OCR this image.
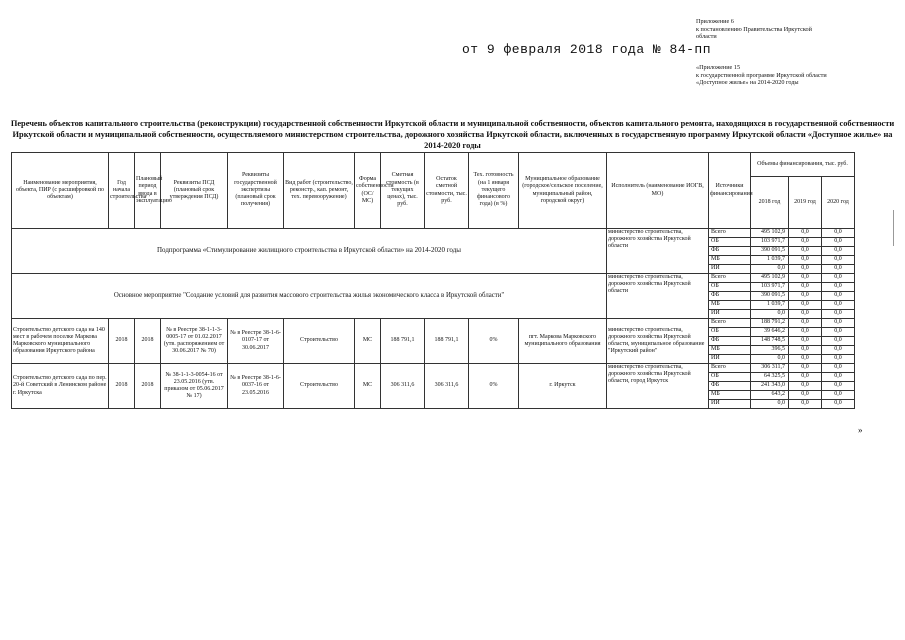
Приложение 6
к постановлению Правительства Иркутской
области
от 9 февраля 2018 года № 84-пп
«Приложение 15
к государственной программе Иркутской области
«Доступное жилье» на 2014-2020 годы
Перечень объектов капитального строительства (реконструкции) государственной собственности Иркутской области и муниципальной собственности, объектов капитального ремонта, находящихся в государственной собственности Иркутской области и муниципальной собственности, осуществляемого министерством строительства, дорожного хозяйства Иркутской области, включенных в государственную программу Иркутской области «Доступное жилье» на 2014-2020 годы
Наименование мероприятия, объекта, ПИР (с расшифровкой по объектам)	Год начала строительства	Плановый период ввода в эксплуатацию	Реквизиты ПСД (плановый срок утверждения ПСД)	Реквизиты государственной экспертизы (плановый срок получения)	Вид работ (строительство, реконстр., кап. ремонт, тех. перевооружение)	Форма собственности (ОС/МС)	Сметная стоимость (в текущих ценах), тыс. руб.	Остаток сметной стоимости, тыс. руб.	Тех. готовность (на 1 января текущего финансового года) (в %)	Муниципальное образование (городское/сельское поселение, муниципальный район, городской округ)	Исполнитель (наименование ИОГВ, МО)	Источники финансирования	Объемы финансирования, тыс. руб.		
													2018 год	2019 год	2020 год
Подпрограмма «Стимулирование жилищного строительства в Иркутской области» на 2014-2020 годы											министерство строительства, дорожного хозяйства Иркутской области	Всего	495 102,9	0,0	0,0
												ОБ	103 971,7	0,0	0,0
												ФБ	390 091,5	0,0	0,0
												МБ	1 039,7	0,0	0,0
												ИИ	0,0	0,0	0,0
Основное мероприятие "Создание условий для развития массового строительства жилья экономического класса в Иркутской области"											министерство строительства, дорожного хозяйства Иркутской области	Всего	495 102,9	0,0	0,0
												ОБ	103 971,7	0,0	0,0
												ФБ	390 091,5	0,0	0,0
												МБ	1 039,7	0,0	0,0
												ИИ	0,0	0,0	0,0
Строительство детского сада на 140 мест в рабочем поселке Маркова Марковского муниципального образования Иркутского района	2018	2018	№ в Реестре 38-1-1-3-0005-17 от 01.02.2017 (утв. распоряжением от 30.06.2017 № 70)	№ в Реестре 38-1-6-0107-17 от 30.06.2017	Строительство	МС	188 791,1	188 791,1	0%	пгт. Маркова Марковского муниципального образования	министерство строительства, дорожного хозяйства Иркутской области, муниципальное образование "Иркутский район"	Всего	188 791,2	0,0	0,0
												ОБ	39 646,2	0,0	0,0
												ФБ	148 748,5	0,0	0,0
												МБ	396,5	0,0	0,0
												ИИ	0,0	0,0	0,0
Строительство детского сада по пер. 20-й Советский в Ленинском районе г. Иркутска	2018	2018	№ 38-1-1-3-0054-16 от 23.05.2016 (утв. приказом от 05.06.2017 № 17)	№ в Реестре 38-1-6-0037-16 от 23.05.2016	Строительство	МС	306 311,6	306 311,6	0%	г. Иркутск	министерство строительства, дорожного хозяйства Иркутской области, город Иркутск	Всего	306 311,7	0,0	0,0
												ОБ	64 325,5	0,0	0,0
												ФБ	241 343,0	0,0	0,0
												МБ	643,2	0,0	0,0
												ИИ	0,0	0,0	0,0
»
